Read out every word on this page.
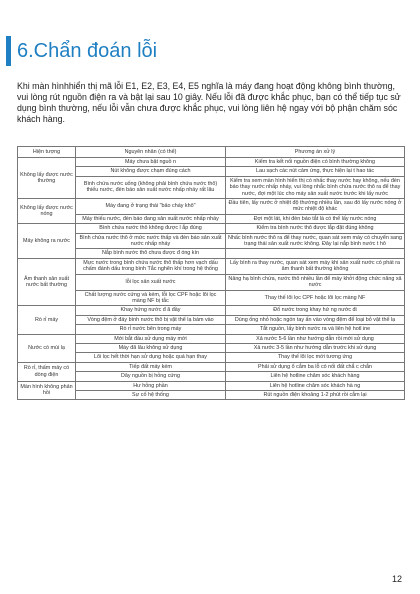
6.Chẩn đoán lỗi
Khi màn hìnhhiển thị mã lỗi E1, E2, E3, E4, E5 nghĩa là máy đang hoạt động không bình thường, vui lòng rút nguồn điện ra và bật lại sau 10 giây. Nếu lỗi đã được khắc phục, bạn có thể tiếp tục sử dụng bình thường, nếu lỗi vẫn chưa được khắc phục, vui lòng liên hệ ngay với bộ phận chăm sóc khách hàng.
Hiện tượng	Nguyên nhân (có thể)	Phương án xử lý
Không lấy được nước thường	Máy chưa bật nguồ n	Kiểm tra kết nối nguồn điện có bình thường không
	Nút không được chạm đúng cách	Lau sạch các nút cảm ứng, thực hiện lại t hao tác
	Bình chứa nước uống (không phải bình chứa nước thô) thiếu nước, đèn báo sản xuất nước nhấp nháy rất lâu	Kiểm tra xem màn hình hiển thị có nhấc thay nước hay không, nếu đèn báo thay nước nhấp nháy, vui lòng nhắc bình chứa nước thô ra để thay nước, đợi một lúc cho máy sản xuất nước trước khi lấy nước
Không lấy được nước nóng	Máy đang ở trạng thái "bảo cháy khô"	Đầu tiên, lấy nước ở nhiệt độ thường nhiều lần, sau đó lấy nước nóng ở mức nhiệt độ khác
	Máy thiếu nước, đèn báo đang sản xuất nước nhấp nháy	Đợi một lát, khi đèn báo tắt là có thể lấy nước nóng
Máy không ra nước	Bình chứa nước thô không được l ắp đúng	Kiểm tra bình nước thô được lắp đặt đúng không
	Bình chứa nước thô ở mức nước thấp và đèn báo sản xuất nước nhấp nháy	Nhấc bình nước thô ra để thay nước, quan sát xem máy có chuyển sang trạng thái sản xuất nước không. Đây lại nắp bình nước t hô
	Nắp bình nước thô chưa được đ óng kín	
Âm thanh sản xuất nước bất thường	Mực nước trong bình chứa nước thô thấp hơn vạch dấu chấm đánh dấu trong bình Tắc nghẽn khí trong hệ thống	Lấy bình ra thay nước, quan sát xem máy khi sản xuất nước có phát ra âm thanh bất thường không
	lỗi lọc sản xuất nước	Nâng hạ bình chứa, nước thô nhiều lần để máy khởi động chức năng xả nước
	Chất lượng nước cứng và kém, lỗi lọc CPF hoặc lõi lọc màng NF bị tắc	Thay thế lõi lọc CPF hoặc lõi lọc màng NF
Rò rỉ máy	Khay hứng nước đ ã đầy	Đổ nước trong khay hứ ng nước đi
	Vòng đệm ở đáy bình nước thô bị vật thể lạ bám vào	Dùng ống nhỏ hoặc ngón tay ấn vào vòng đệm để loại bỏ vật thể lạ
	Rò rỉ nước bên trong máy	Tắt nguồn, lấy bình nước ra và liên hệ hotl ine
Nước có mùi lạ	Mới bắt đầu sử dụng máy mới	Xả nước 5-6 lần như hướng dẫn rồi mới sử dụng
	Máy đã lâu không sử dụng	Xả nước 3-5 lần như hướng dẫn trước khi sử dụng
	Lõi lọc hết thời hạn sử dụng hoặc quá hạn thay	Thay thế lõi lọc mới tương ứng
Rò rỉ, thấm máy có dòng điện	Tiếp đất máy kém	Phải sử dụng ổ cắm ba lỗ có nối đất chắ c chắn
	Dây nguồn bị hỏng cứng	Liên hệ hotline chăm sóc khách hàng
Màn hình không phản hồi	Hư hỏng phần	Liên hệ hotline chăm sóc khách hà ng
	Sự cố hệ thống	Rút nguồn điện khoảng 1-2 phút rồi cắm lại
12
